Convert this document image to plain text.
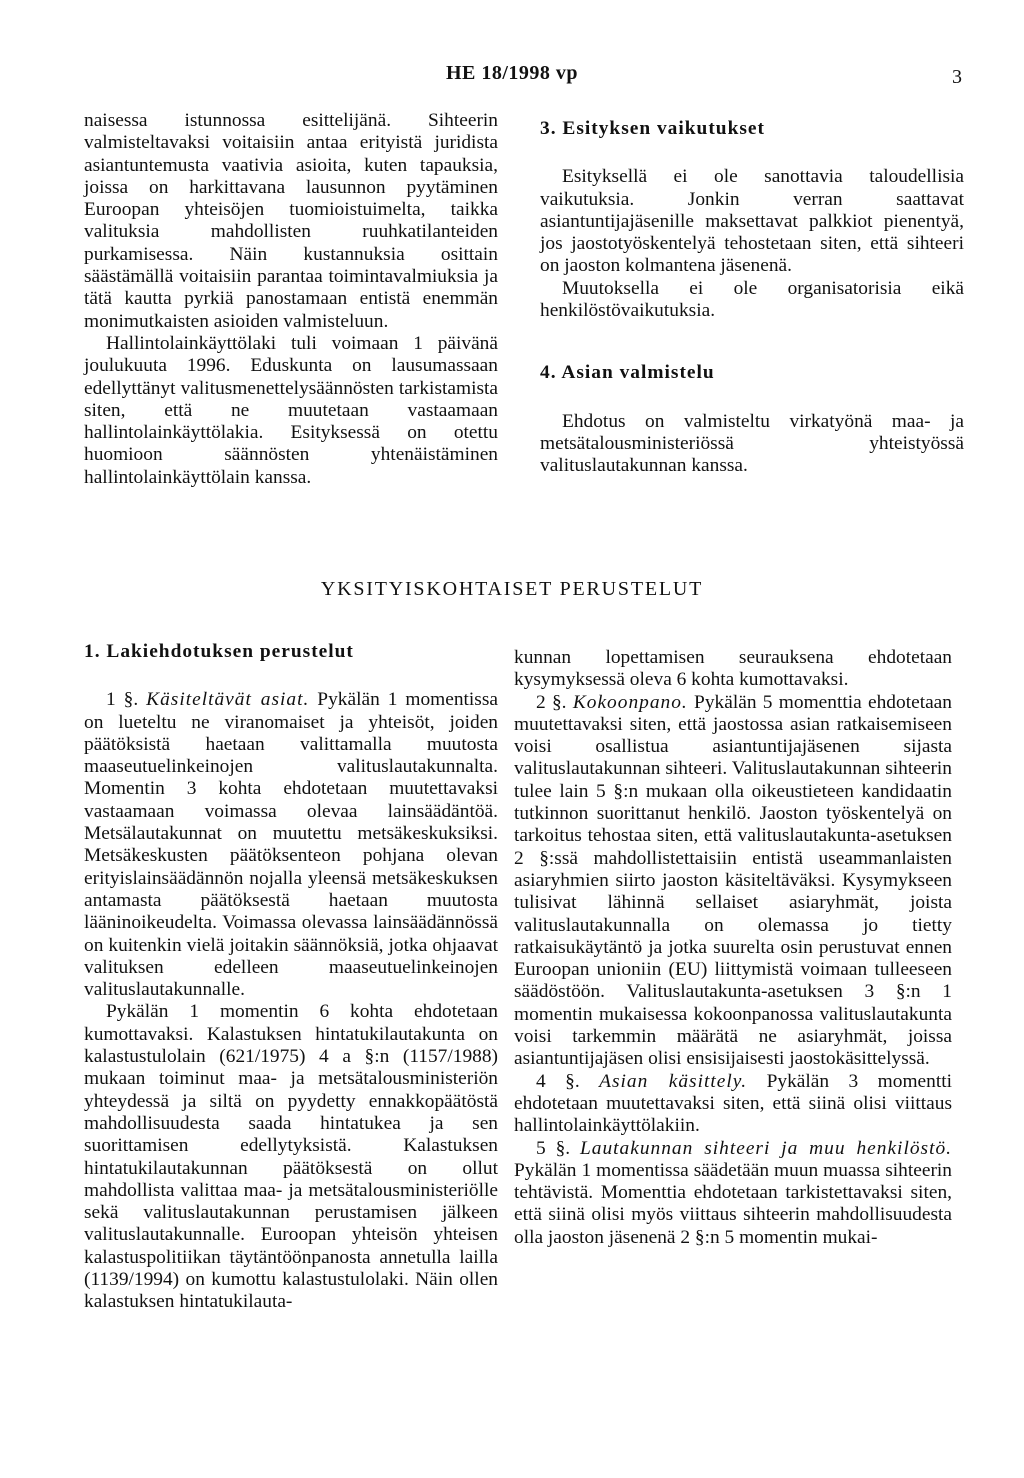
HE 18/1998 vp	3

naisessa istunnossa esittelijänä. Sihteerin valmisteltavaksi voitaisiin antaa erityistä juridista asiantuntemusta vaativia asioita, kuten tapauksia, joissa on harkittavana lausunnon pyytäminen Euroopan yhteisöjen tuomioistuimelta, taikka valituksia mahdollisten ruuhkatilanteiden purkamisessa. Näin kustannuksia osittain säästämällä voitaisiin parantaa toimintavalmiuksia ja tätä kautta pyrkiä panostamaan entistä enemmän monimutkaisten asioiden valmisteluun.

Hallintolainkäyttölaki tuli voimaan 1 päivänä joulukuuta 1996. Eduskunta on lausumassaan edellyttänyt valitusmenettelysäännösten tarkistamista siten, että ne muutetaan vastaamaan hallintolainkäyttölakia. Esityksessä on otettu huomioon säännösten yhtenäistäminen hallintolainkäyttölain kanssa.

3. Esityksen vaikutukset

Esityksellä ei ole sanottavia taloudellisia vaikutuksia. Jonkin verran saattavat asiantuntijajäsenille maksettavat palkkiot pienentyä, jos jaostotyöskentelyä tehostetaan siten, että sihteeri on jaoston kolmantena jäsenenä.

Muutoksella ei ole organisatorisia eikä henkilöstövaikutuksia.

4. Asian valmistelu

Ehdotus on valmisteltu virkatyönä maa- ja metsätalousministeriössä yhteistyössä valituslautakunnan kanssa.

YKSITYISKOHTAISET PERUSTELUT

1. Lakiehdotuksen perustelut

1 §. Käsiteltävät asiat. Pykälän 1 momentissa on lueteltu ne viranomaiset ja yhteisöt, joiden päätöksistä haetaan valittamalla muutosta maaseutuelinkeinojen valituslautakunnalta. Momentin 3 kohta ehdotetaan muutettavaksi vastaamaan voimassa olevaa lainsäädäntöä. Metsälautakunnat on muutettu metsäkeskuksiksi. Metsäkeskusten päätöksenteon pohjana olevan erityislainsäädännön nojalla yleensä metsäkeskuksen antamasta päätöksestä haetaan muutosta lääninoikeudelta. Voimassa olevassa lainsäädännössä on kuitenkin vielä joitakin säännöksiä, jotka ohjaavat valituksen edelleen maaseutuelinkeinojen valituslautakunnalle.

Pykälän 1 momentin 6 kohta ehdotetaan kumottavaksi. Kalastuksen hintatukilautakunta on kalastustulolain (621/1975) 4 a §:n (1157/1988) mukaan toiminut maa- ja metsätalousministeriön yhteydessä ja siltä on pyydetty ennakkopäätöstä mahdollisuudesta saada hintatukea ja sen suorittamisen edellytyksistä. Kalastuksen hintatukilautakunnan päätöksestä on ollut mahdollista valittaa maa- ja metsätalousministeriölle sekä valituslautakunnan perustamisen jälkeen valituslautakunnalle. Euroopan yhteisön yhteisen kalastuspolitiikan täytäntöönpanosta annetulla lailla (1139/1994) on kumottu kalastustulolaki. Näin ollen kalastuksen hintatukilauta-

kunnan lopettamisen seurauksena ehdotetaan kysymyksessä oleva 6 kohta kumottavaksi.

2 §. Kokoonpano. Pykälän 5 momenttia ehdotetaan muutettavaksi siten, että jaostossa asian ratkaisemiseen voisi osallistua asiantuntijajäsenen sijasta valituslautakunnan sihteeri. Valituslautakunnan sihteerin tulee lain 5 §:n mukaan olla oikeustieteen kandidaatin tutkinnon suorittanut henkilö. Jaoston työskentelyä on tarkoitus tehostaa siten, että valituslautakunta-asetuksen 2 §:ssä mahdollistettaisiin entistä useammanlaisten asiaryhmien siirto jaoston käsiteltäväksi. Kysymykseen tulisivat lähinnä sellaiset asiaryhmät, joista valituslautakunnalla on olemassa jo tietty ratkaisukäytäntö ja jotka suurelta osin perustuvat ennen Euroopan unioniin (EU) liittymistä voimaan tulleeseen säädöstöön. Valituslautakunta-asetuksen 3 §:n 1 momentin mukaisessa kokoonpanossa valituslautakunta voisi tarkemmin määrätä ne asiaryhmät, joissa asiantuntijajäsen olisi ensisijaisesti jaostokäsittelyssä.

4 §. Asian käsittely. Pykälän 3 momentti ehdotetaan muutettavaksi siten, että siinä olisi viittaus hallintolainkäyttölakiin.

5 §. Lautakunnan sihteeri ja muu henkilöstö. Pykälän 1 momentissa säädetään muun muassa sihteerin tehtävistä. Momenttia ehdotetaan tarkistettavaksi siten, että siinä olisi myös viittaus sihteerin mahdollisuudesta olla jaoston jäsenenä 2 §:n 5 momentin mukai-
